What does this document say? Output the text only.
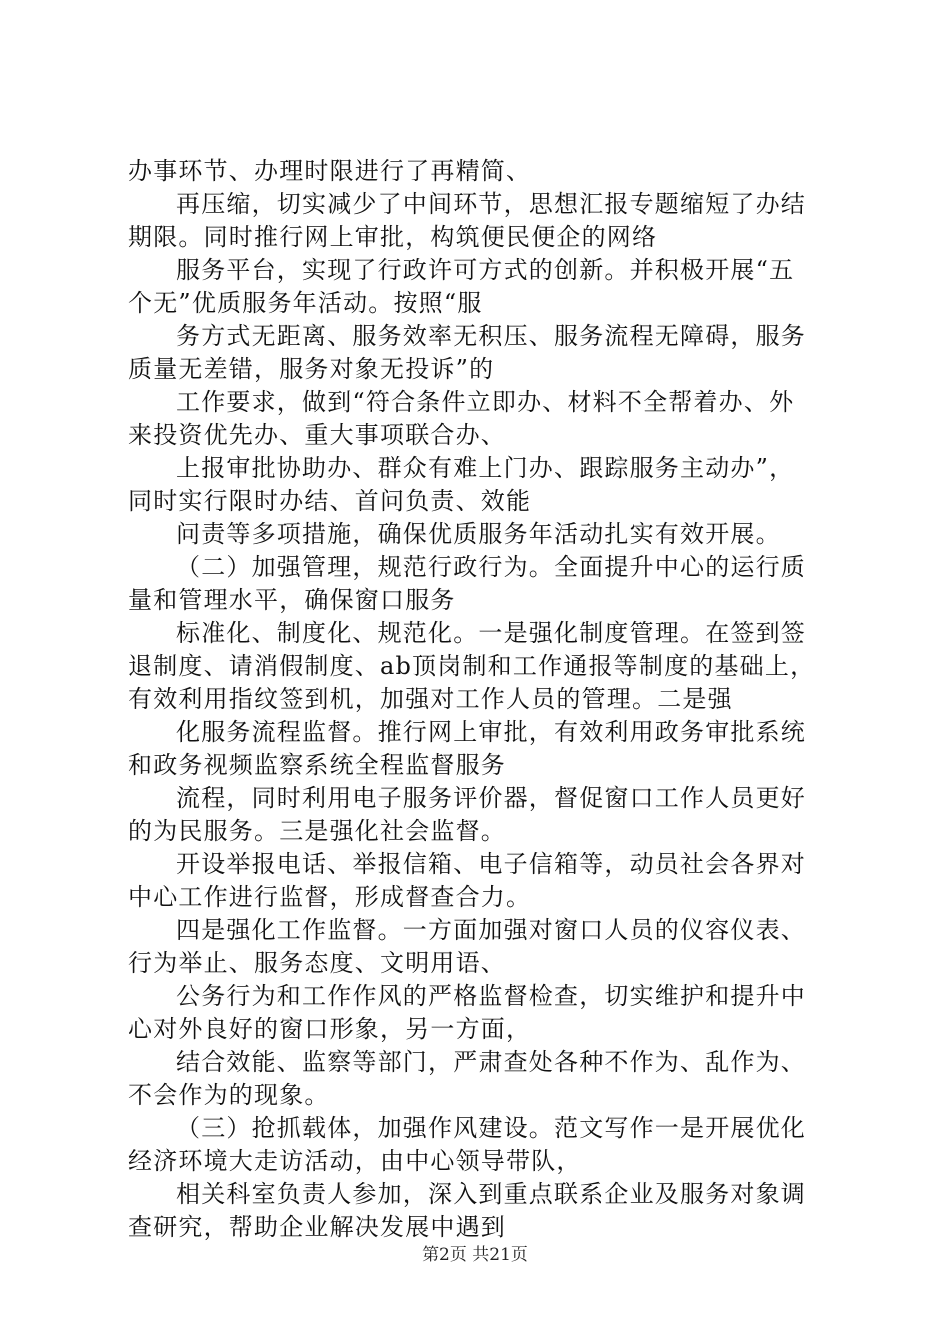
办事环节、办理时限进行了再精简、
再压缩，切实减少了中间环节，思想汇报专题缩短了办结
期限。同时推行网上审批，构筑便民便企的网络
服务平台，实现了行政许可方式的创新。并积极开展“五
个无”优质服务年活动。按照“服
务方式无距离、服务效率无积压、服务流程无障碍，服务
质量无差错，服务对象无投诉”的
工作要求，做到“符合条件立即办、材料不全帮着办、外
来投资优先办、重大事项联合办、
上报审批协助办、群众有难上门办、跟踪服务主动办”，
同时实行限时办结、首问负责、效能
问责等多项措施，确保优质服务年活动扎实有效开展。
（二）加强管理，规范行政行为。全面提升中心的运行质
量和管理水平，确保窗口服务
标准化、制度化、规范化。一是强化制度管理。在签到签
退制度、请消假制度、ab顶岗制和工作通报等制度的基础上，
有效利用指纹签到机，加强对工作人员的管理。二是强
化服务流程监督。推行网上审批，有效利用政务审批系统
和政务视频监察系统全程监督服务
流程，同时利用电子服务评价器，督促窗口工作人员更好
的为民服务。三是强化社会监督。
开设举报电话、举报信箱、电子信箱等，动员社会各界对
中心工作进行监督，形成督查合力。
四是强化工作监督。一方面加强对窗口人员的仪容仪表、
行为举止、服务态度、文明用语、
公务行为和工作作风的严格监督检查，切实维护和提升中
心对外良好的窗口形象，另一方面，
结合效能、监察等部门，严肃查处各种不作为、乱作为、
不会作为的现象。
（三）抢抓载体，加强作风建设。范文写作一是开展优化
经济环境大走访活动，由中心领导带队，
相关科室负责人参加，深入到重点联系企业及服务对象调
查研究，帮助企业解决发展中遇到
第2页 共21页
